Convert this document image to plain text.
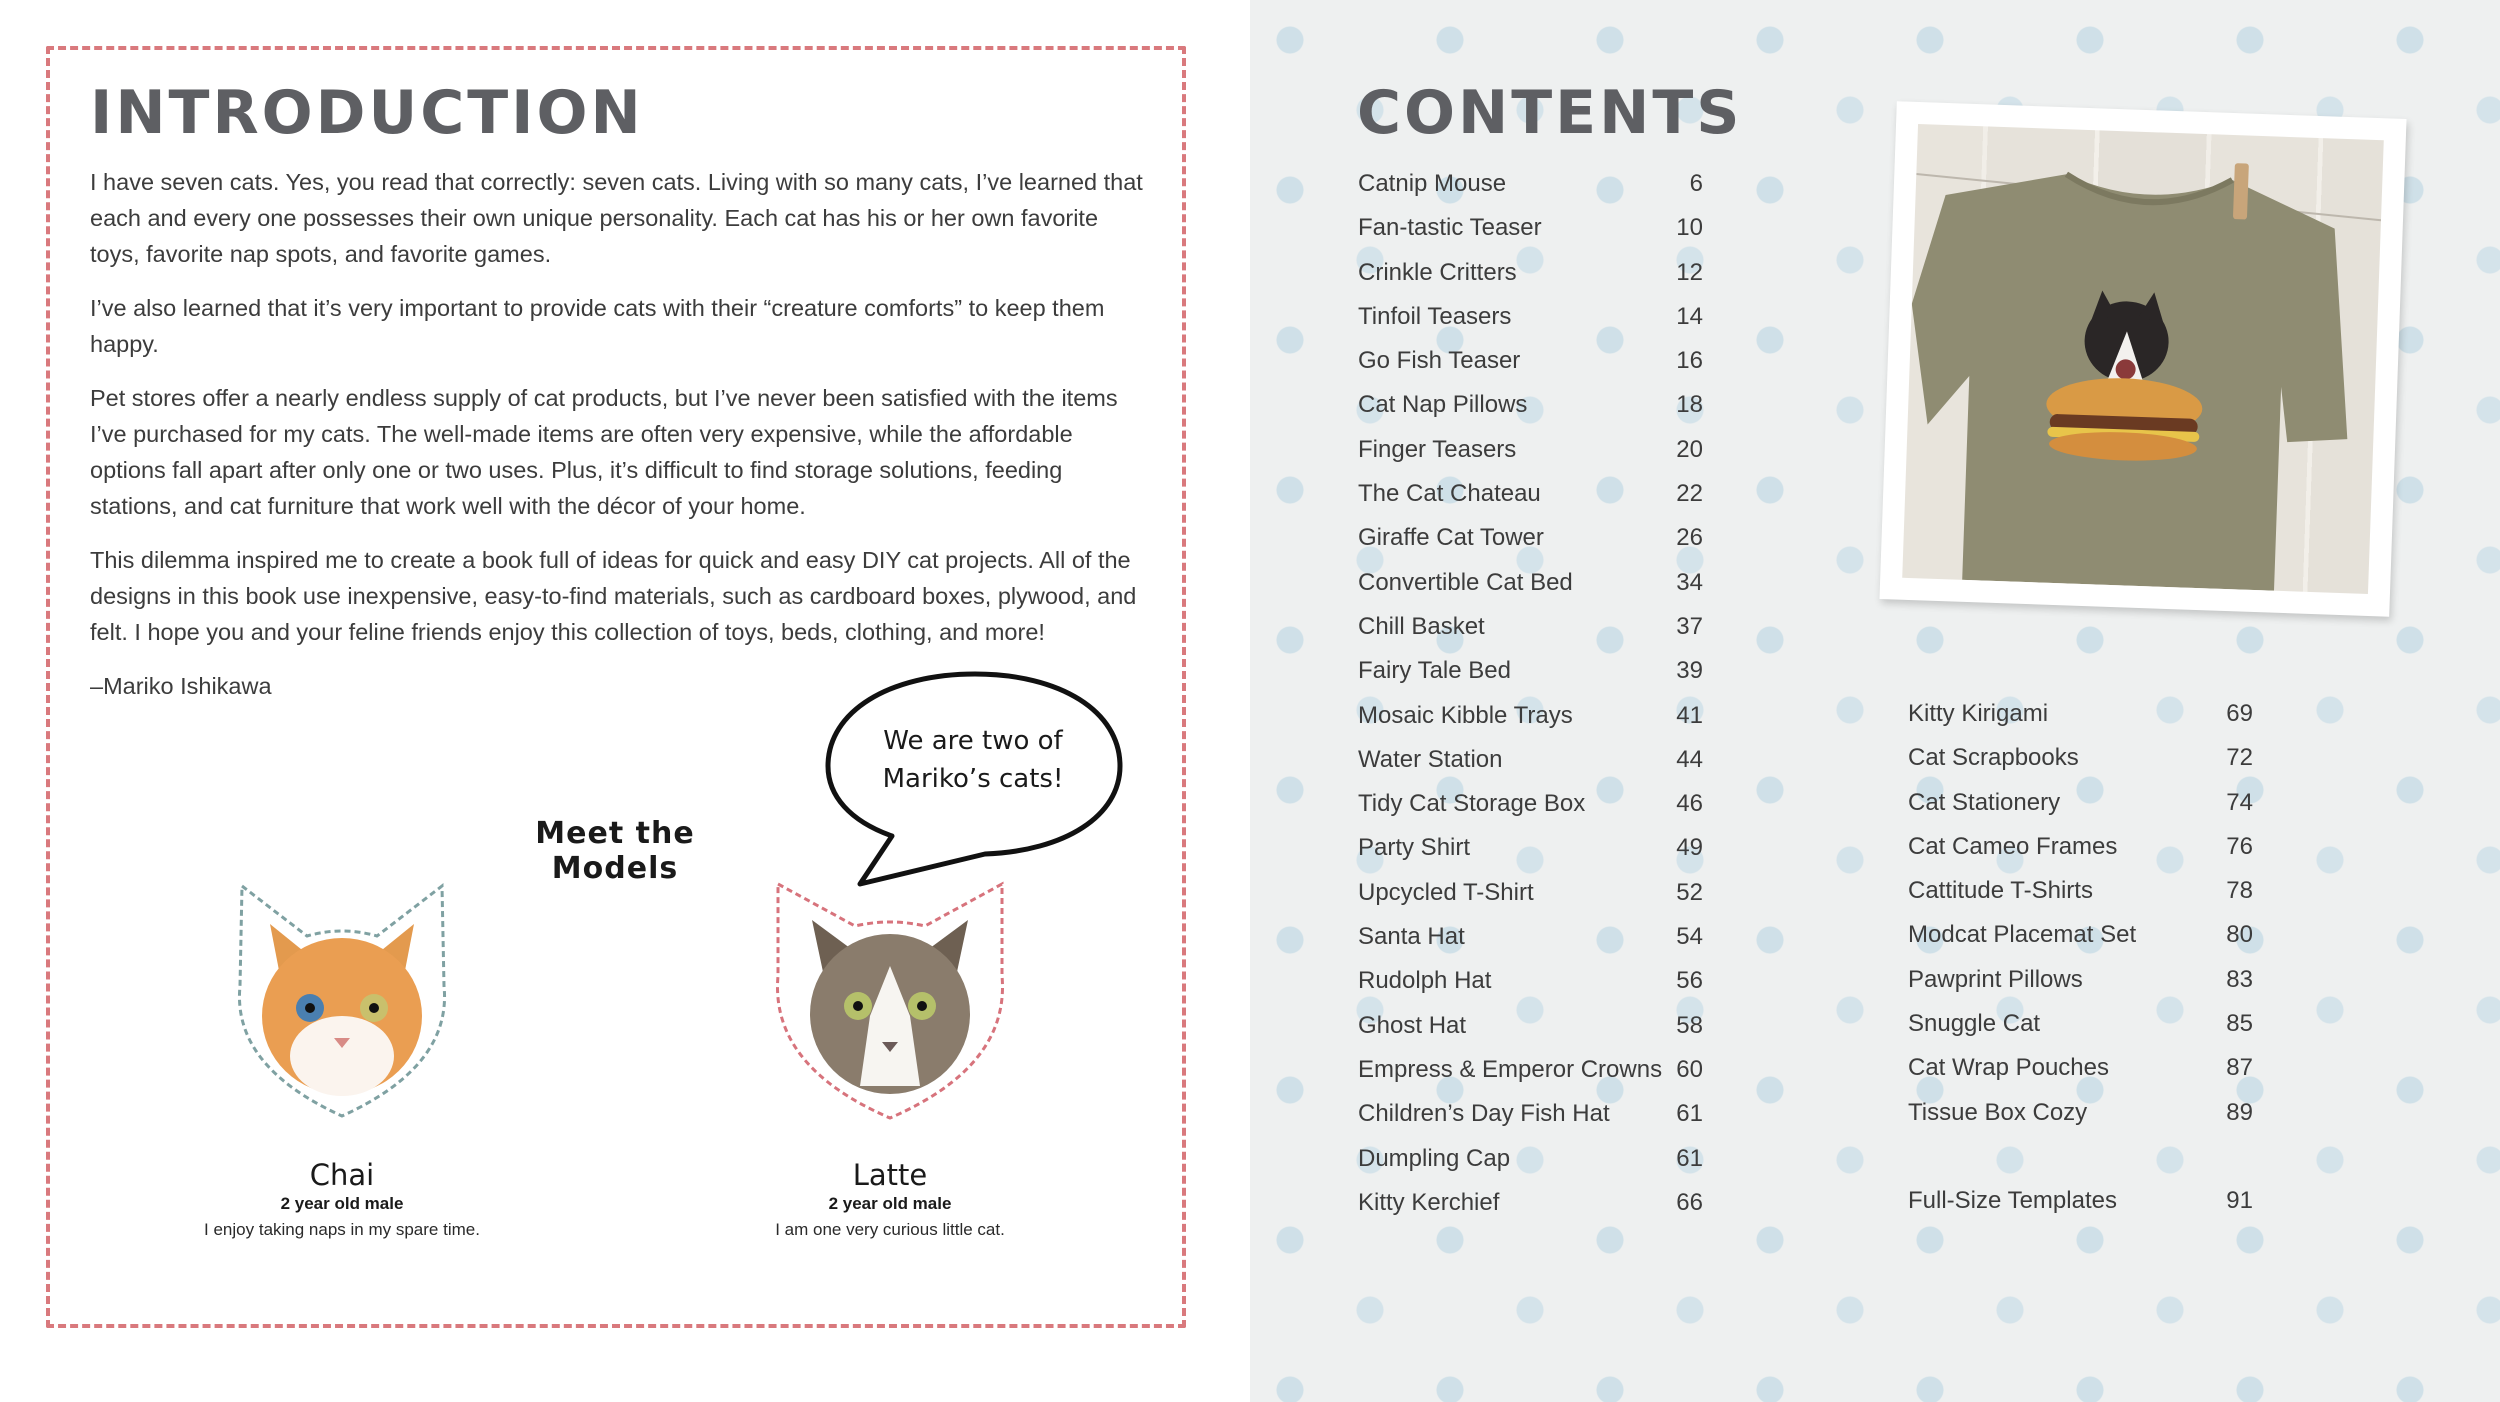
INTRODUCTION

I have seven cats. Yes, you read that correctly: seven cats. Living with so many cats, I’ve learned that each and every one possesses their own unique personality. Each cat has his or her own favorite toys, favorite nap spots, and favorite games.

I’ve also learned that it’s very important to provide cats with their “creature comforts” to keep them happy.

Pet stores offer a nearly endless supply of cat products, but I’ve never been satisfied with the items I’ve purchased for my cats. The well-made items are often very expensive, while the affordable options fall apart after only one or two uses. Plus, it’s difficult to find storage solutions, feeding stations, and cat furniture that work well with the décor of your home.

This dilemma inspired me to create a book full of ideas for quick and easy DIY cat projects. All of the designs in this book use inexpensive, easy-to-find materials, such as cardboard boxes, plywood, and felt. I hope you and your feline friends enjoy this collection of toys, beds, clothing, and more!

–Mariko Ishikawa

Meet the Models
We are two of
Mariko’s cats!
Chai
2 year old male
I enjoy taking naps in my spare time.
Latte
2 year old male
I am one very curious little cat.
CONTENTS
Catnip Mouse	6
Fan-tastic Teaser	10
Crinkle Critters	12
Tinfoil Teasers	14
Go Fish Teaser	16
Cat Nap Pillows	18
Finger Teasers	20
The Cat Chateau	22
Giraffe Cat Tower	26
Convertible Cat Bed	34
Chill Basket	37
Fairy Tale Bed	39
Mosaic Kibble Trays	41
Water Station	44
Tidy Cat Storage Box	46
Party Shirt	49
Upcycled T-Shirt	52
Santa Hat	54
Rudolph Hat	56
Ghost Hat	58
Empress & Emperor Crowns 60
Children’s Day Fish Hat	61
Dumpling Cap	61
Kitty Kerchief	66
Kitty Kirigami	69
Cat Scrapbooks	72
Cat Stationery	74
Cat Cameo Frames	76
Cattitude T-Shirts	78
Modcat Placemat Set	80
Pawprint Pillows	83
Snuggle Cat	85
Cat Wrap Pouches	87
Tissue Box Cozy	89
Full-Size Templates	91
